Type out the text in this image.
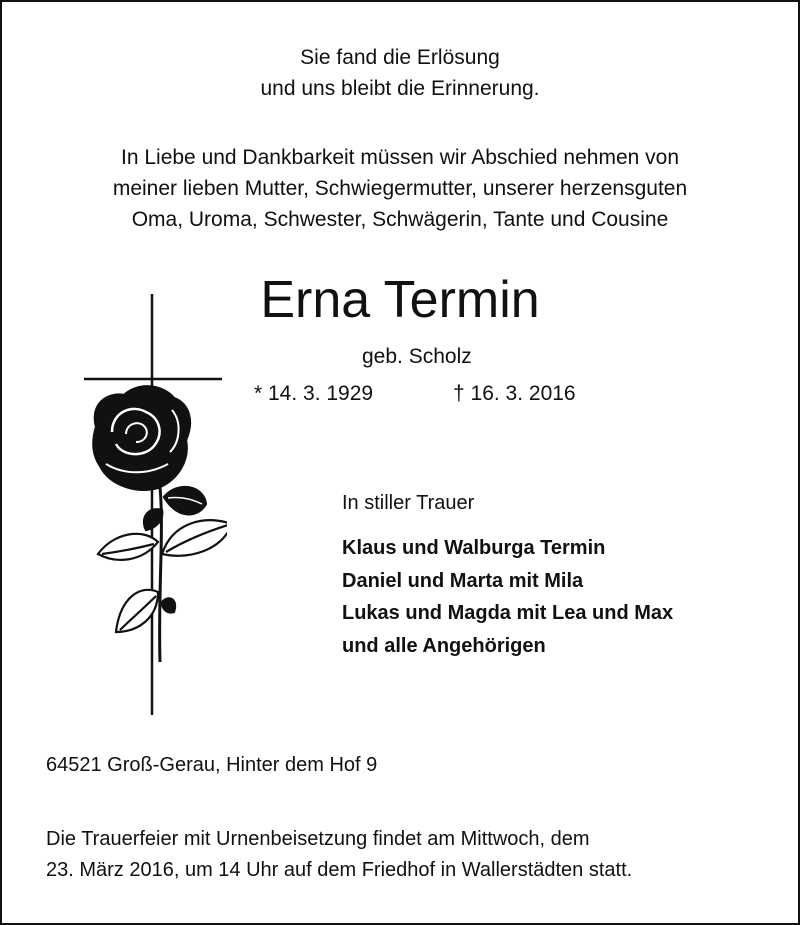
Sie fand die Erlösung
und uns bleibt die Erinnerung.
In Liebe und Dankbarkeit müssen wir Abschied nehmen von
meiner lieben Mutter, Schwiegermutter, unserer herzensguten
Oma, Uroma, Schwester, Schwägerin, Tante und Cousine
Erna Termin
geb. Scholz
* 14. 3. 1929	† 16. 3. 2016
In stiller Trauer
Klaus und Walburga Termin
Daniel und Marta mit Mila
Lukas und Magda mit Lea und Max
und alle Angehörigen
64521 Groß-Gerau, Hinter dem Hof 9
Die Trauerfeier mit Urnenbeisetzung findet am Mittwoch, dem
23. März 2016, um 14 Uhr auf dem Friedhof in Wallerstädten statt.
